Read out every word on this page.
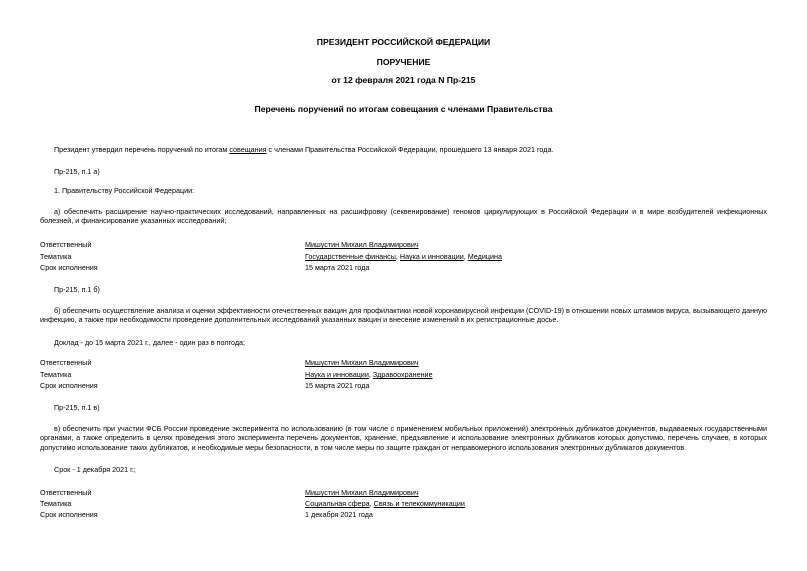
ПРЕЗИДЕНТ РОССИЙСКОЙ ФЕДЕРАЦИИ
ПОРУЧЕНИЕ
от 12 февраля 2021 года N Пр-215
Перечень поручений по итогам совещания с членами Правительства
Президент утвердил перечень поручений по итогам совещания с членами Правительства Российской Федерации, прошедшего 13 января 2021 года.
Пр-215, п.1 а)
1. Правительству Российской Федерации:
а) обеспечить расширение научно-практических исследований, направленных на расшифровку (секвенирование) геномов циркулирующих в Российской Федерации и в мире возбудителей инфекционных болезней, и финансирование указанных исследований;
Ответственный	Мишустин Михаил Владимирович
Тематика	Государственные финансы, Наука и инновации, Медицина
Срок исполнения	15 марта 2021 года
Пр-215, п.1 б)
б) обеспечить осуществление анализа и оценки эффективности отечественных вакцин для профилактики новой коронавирусной инфекции (COVID-19) в отношении новых штаммов вируса, вызывающего данную инфекцию, а также при необходимости проведение дополнительных исследований указанных вакцин и внесение изменений в их регистрационные досье.
Доклад - до 15 марта 2021 г., далее - один раз в полгода;
Ответственный	Мишустин Михаил Владимирович
Тематика	Наука и инновации, Здравоохранение
Срок исполнения	15 марта 2021 года
Пр-215, п.1 в)
в) обеспечить при участии ФСБ России проведение эксперимента по использованию (в том числе с применением мобильных приложений) электронных дубликатов документов, выдаваемых государственными органами, а также определить в целях проведения этого эксперимента перечень документов, хранение, предъявление и использование электронных дубликатов которых допустимо, перечень случаев, в которых допустимо использование таких дубликатов, и необходимые меры безопасности, в том числе меры по защите граждан от неправомерного использования электронных дубликатов документов.
Срок - 1 декабря 2021 г.;
Ответственный	Мишустин Михаил Владимирович
Тематика	Социальная сфера, Связь и телекоммуникации
Срок исполнения	1 декабря 2021 года
